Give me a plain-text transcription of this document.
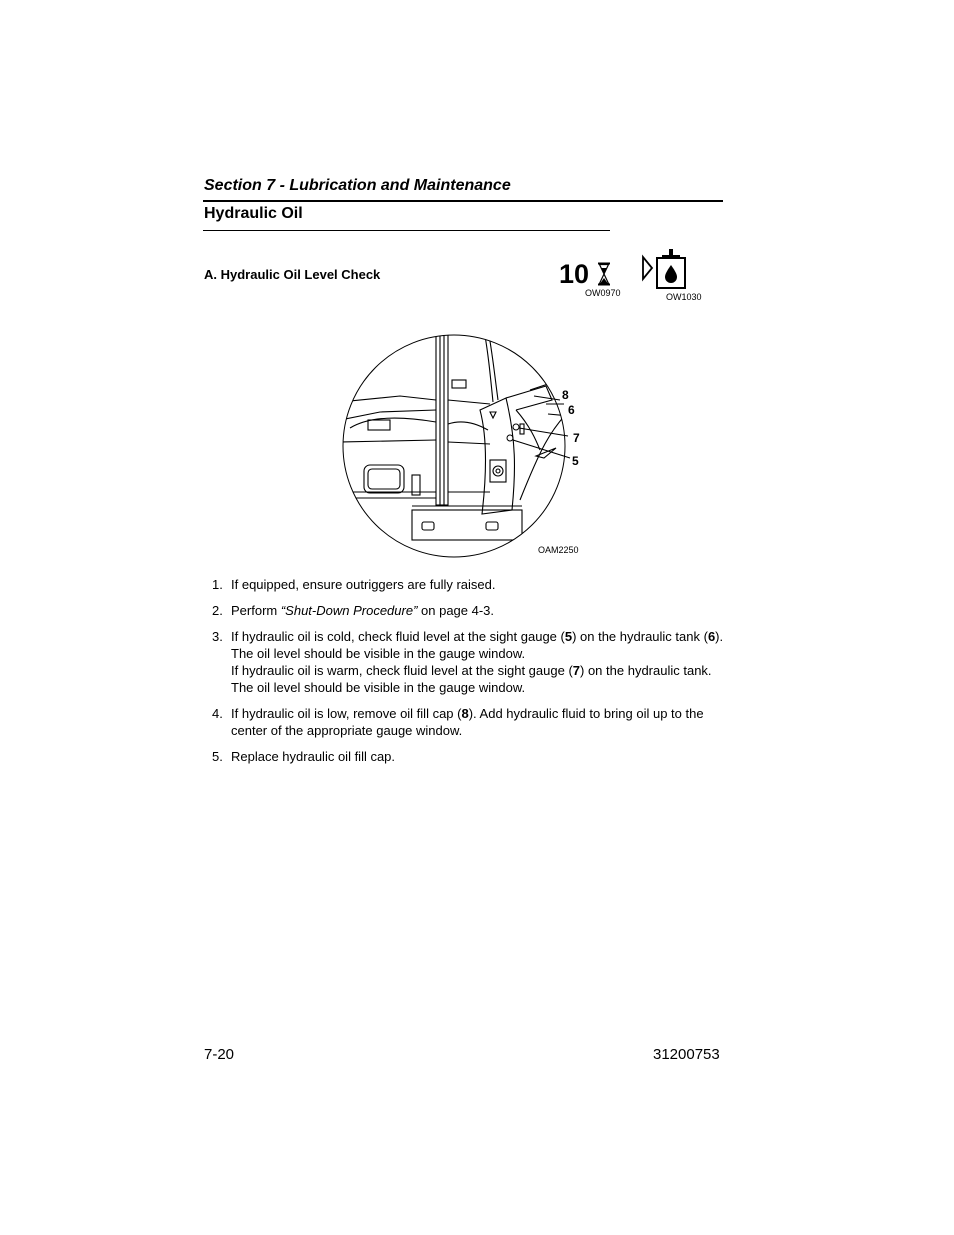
Section 7 - Lubrication and Maintenance
Hydraulic Oil
A. Hydraulic Oil Level Check	10
OW0970	OW1030
8
6
7
5
OAM2250
1. If equipped, ensure outriggers are fully raised.
2. Perform “Shut-Down Procedure” on page 4-3.
3. If hydraulic oil is cold, check fluid level at the sight gauge (5) on the hydraulic tank (6). The oil level should be visible in the gauge window.
If hydraulic oil is warm, check fluid level at the sight gauge (7) on the hydraulic tank. The oil level should be visible in the gauge window.
4. If hydraulic oil is low, remove oil fill cap (8). Add hydraulic fluid to bring oil up to the center of the appropriate gauge window.
5. Replace hydraulic oil fill cap.
7-20	31200753
